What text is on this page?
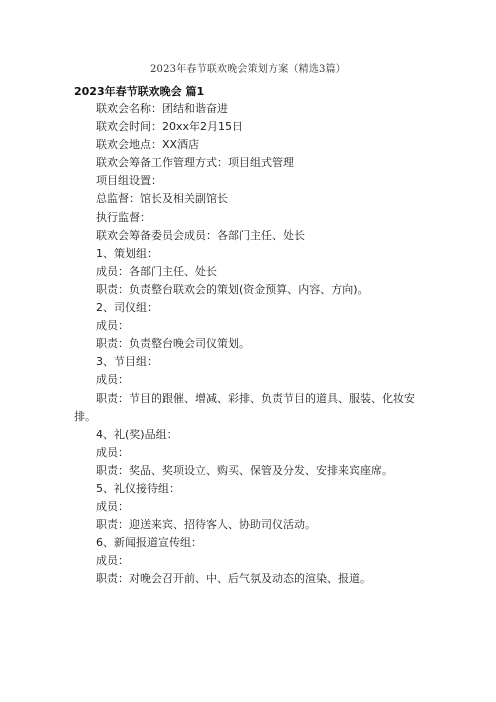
2023年春节联欢晚会策划方案（精选3篇）
2023年春节联欢晚会 篇1
联欢会名称：团结和谐奋进
联欢会时间：20xx年2月15日
联欢会地点：XX酒店
联欢会筹备工作管理方式：项目组式管理
项目组设置：
总监督：馆长及相关副馆长
执行监督：
联欢会筹备委员会成员：各部门主任、处长
1、策划组：
成员：各部门主任、处长
职责：负责整台联欢会的策划(资金预算、内容、方向)。
2、司仪组：
成员：
职责：负责整台晚会司仪策划。
3、节目组：
成员：
职责：节目的跟催、增减、彩排、负责节目的道具、服装、化妆安排。
4、礼(奖)品组：
成员：
职责：奖品、奖项设立、购买、保管及分发、安排来宾座席。
5、礼仪接待组：
成员：
职责：迎送来宾、招待客人、协助司仪活动。
6、新闻报道宣传组：
成员：
职责：对晚会召开前、中、后气氛及动态的渲染、报道。
